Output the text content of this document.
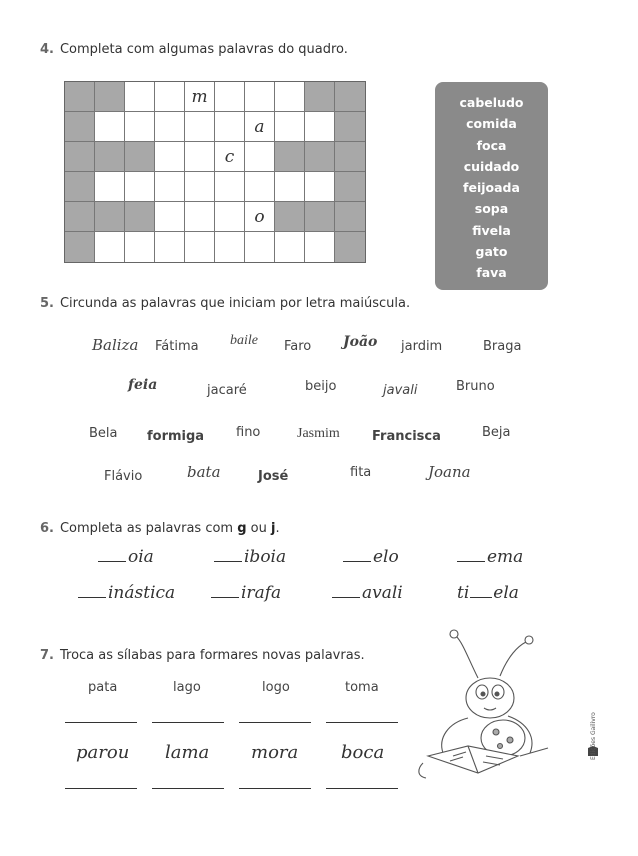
4. Completa com algumas palavras do quadro.
m
a
c
o
cabeludo
comida
foca
cuidado
feijoada
sopa
fivela
gato
fava
5. Circunda as palavras que iniciam por letra maiúscula.
Baliza Fátima baile Faro João jardim	Braga
feia	jacaré	beijo	javali	Bruno
Bela formiga fino	Jasmim Francisca	Beja
Flávio	bata	José	fita	Joana
6. Completa as palavras com g ou j.
oia	iboia	elo	ema
inástica	irafa	avali	ti ela
7. Troca as sílabas para formares novas palavras.
pata	lago	logo	toma
parou lama mora boca	Edições Gailivro
